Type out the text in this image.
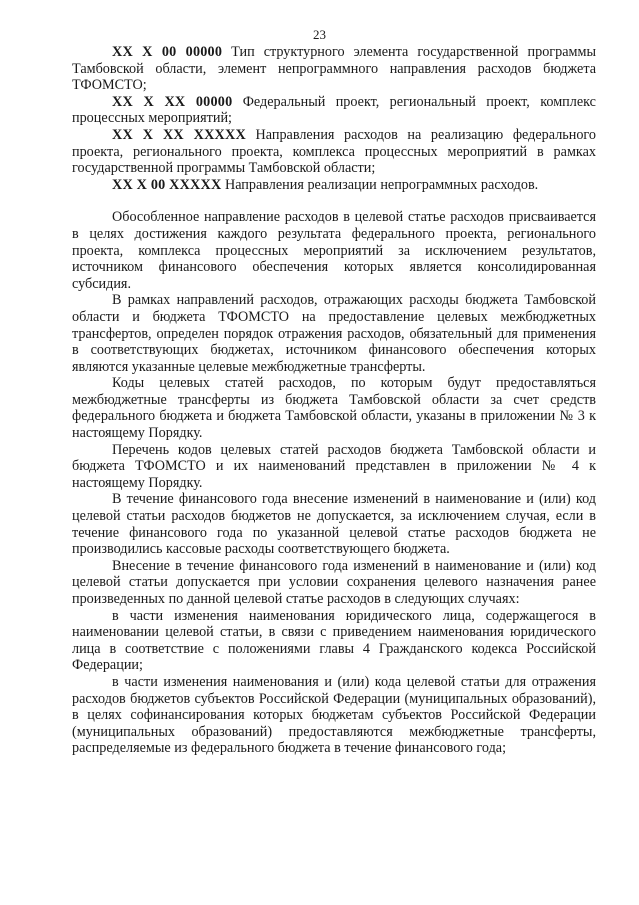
23

ХХ Х 00 00000 Тип структурного элемента государственной программы Тамбовской области, элемент непрограммного направления расходов бюджета ТФОМСТО;

ХХ Х ХХ 00000 Федеральный проект, региональный проект, комплекс процессных мероприятий;

ХХ Х ХХ ХХХХХ Направления расходов на реализацию федерального проекта, регионального проекта, комплекса процессных мероприятий в рамках государственной программы Тамбовской области;

ХХ Х 00 ХХХХХ Направления реализации непрограммных расходов.

Обособленное направление расходов в целевой статье расходов присваивается в целях достижения каждого результата федерального проекта, регионального проекта, комплекса процессных мероприятий за исключением результатов, источником финансового обеспечения которых является консолидированная субсидия.

В рамках направлений расходов, отражающих расходы бюджета Тамбовской области и бюджета ТФОМСТО на предоставление целевых межбюджетных трансфертов, определен порядок отражения расходов, обязательный для применения в соответствующих бюджетах, источником финансового обеспечения которых являются указанные целевые межбюджетные трансферты.

Коды целевых статей расходов, по которым будут предоставляться межбюджетные трансферты из бюджета Тамбовской области за счет средств федерального бюджета и бюджета Тамбовской области, указаны в приложении № 3 к настоящему Порядку.

Перечень кодов целевых статей расходов бюджета Тамбовской области и бюджета ТФОМСТО и их наименований представлен в приложении № 4 к настоящему Порядку.

В течение финансового года внесение изменений в наименование и (или) код целевой статьи расходов бюджетов не допускается, за исключением случая, если в течение финансового года по указанной целевой статье расходов бюджета не производились кассовые расходы соответствующего бюджета.

Внесение в течение финансового года изменений в наименование и (или) код целевой статьи допускается при условии сохранения целевого назначения ранее произведенных по данной целевой статье расходов в следующих случаях:

в части изменения наименования юридического лица, содержащегося в наименовании целевой статьи, в связи с приведением наименования юридического лица в соответствие с положениями главы 4 Гражданского кодекса Российской Федерации;

в части изменения наименования и (или) кода целевой статьи для отражения расходов бюджетов субъектов Российской Федерации (муниципальных образований), в целях софинансирования которых бюджетам субъектов Российской Федерации (муниципальных образований) предоставляются межбюджетные трансферты, распределяемые из федерального бюджета в течение финансового года;
